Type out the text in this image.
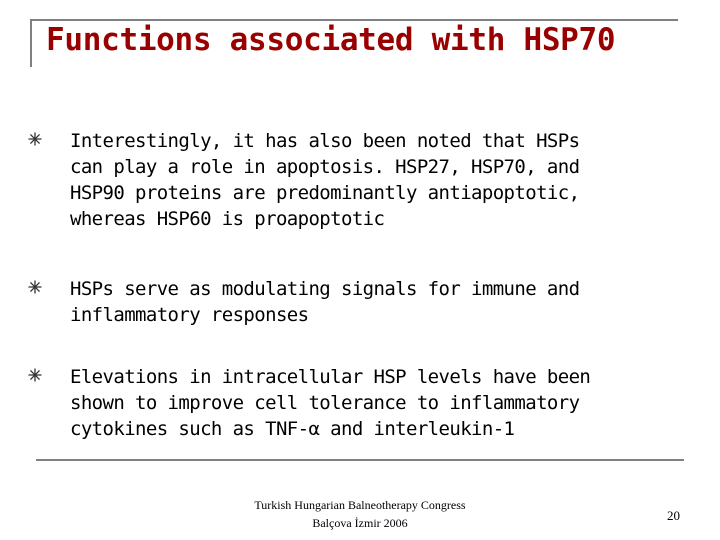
Functions associated with HSP70
Interestingly, it has also been noted that HSPs
can play a role in apoptosis. HSP27, HSP70, and
HSP90 proteins are predominantly antiapoptotic,
whereas HSP60 is proapoptotic
HSPs serve as modulating signals for immune and
inflammatory responses
Elevations in intracellular HSP levels have been
shown to improve cell tolerance to inflammatory
cytokines such as TNF-α and interleukin-1
Turkish Hungarian Balneotherapy Congress
Balçova İzmir 2006	20
